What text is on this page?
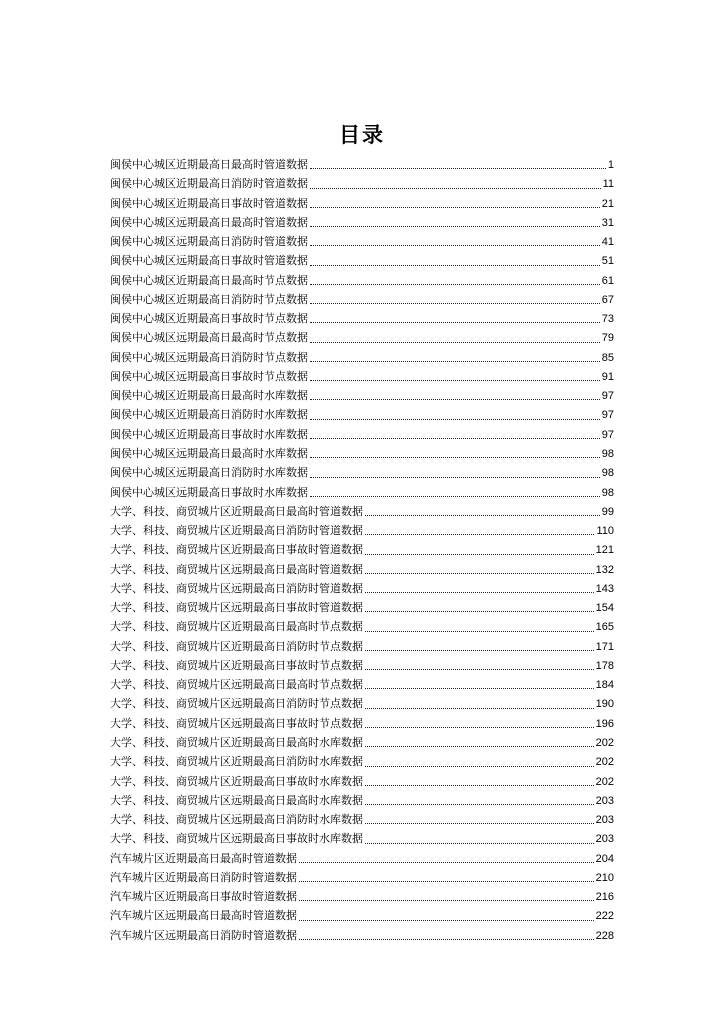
目录
闽侯中心城区近期最高日最高时管道数据	1
闽侯中心城区近期最高日消防时管道数据	11
闽侯中心城区近期最高日事故时管道数据	21
闽侯中心城区远期最高日最高时管道数据	31
闽侯中心城区远期最高日消防时管道数据	41
闽侯中心城区远期最高日事故时管道数据	51
闽侯中心城区近期最高日最高时节点数据	61
闽侯中心城区近期最高日消防时节点数据	67
闽侯中心城区近期最高日事故时节点数据	73
闽侯中心城区远期最高日最高时节点数据	79
闽侯中心城区远期最高日消防时节点数据	85
闽侯中心城区远期最高日事故时节点数据	91
闽侯中心城区近期最高日最高时水库数据	97
闽侯中心城区近期最高日消防时水库数据	97
闽侯中心城区近期最高日事故时水库数据	97
闽侯中心城区远期最高日最高时水库数据	98
闽侯中心城区远期最高日消防时水库数据	98
闽侯中心城区远期最高日事故时水库数据	98
大学、科技、商贸城片区近期最高日最高时管道数据	99
大学、科技、商贸城片区近期最高日消防时管道数据	110
大学、科技、商贸城片区近期最高日事故时管道数据	121
大学、科技、商贸城片区远期最高日最高时管道数据	132
大学、科技、商贸城片区远期最高日消防时管道数据	143
大学、科技、商贸城片区远期最高日事故时管道数据	154
大学、科技、商贸城片区近期最高日最高时节点数据	165
大学、科技、商贸城片区近期最高日消防时节点数据	171
大学、科技、商贸城片区近期最高日事故时节点数据	178
大学、科技、商贸城片区远期最高日最高时节点数据	184
大学、科技、商贸城片区远期最高日消防时节点数据	190
大学、科技、商贸城片区远期最高日事故时节点数据	196
大学、科技、商贸城片区近期最高日最高时水库数据	202
大学、科技、商贸城片区近期最高日消防时水库数据	202
大学、科技、商贸城片区近期最高日事故时水库数据	202
大学、科技、商贸城片区远期最高日最高时水库数据	203
大学、科技、商贸城片区远期最高日消防时水库数据	203
大学、科技、商贸城片区远期最高日事故时水库数据	203
汽车城片区近期最高日最高时管道数据	204
汽车城片区近期最高日消防时管道数据	210
汽车城片区近期最高日事故时管道数据	216
汽车城片区远期最高日最高时管道数据	222
汽车城片区远期最高日消防时管道数据	228
